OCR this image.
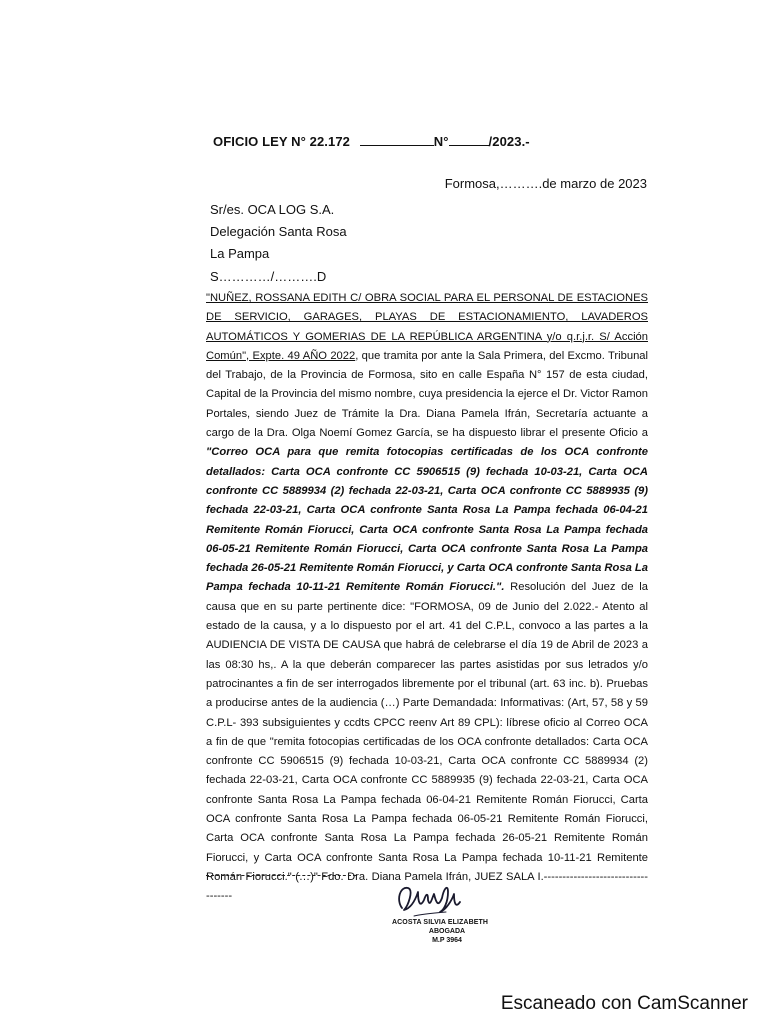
OFICIO LEY N° 22.172	N°	/2023.-
Formosa,……….de marzo de 2023
Sr/es. OCA LOG S.A.
Delegación Santa Rosa
La Pampa
S…………/……….D
"NUÑEZ, ROSSANA EDITH C/ OBRA SOCIAL PARA EL PERSONAL DE ESTACIONES DE SERVICIO, GARAGES, PLAYAS DE ESTACIONAMIENTO, LAVADEROS AUTOMÁTICOS Y GOMERIAS DE LA REPÚBLICA ARGENTINA y/o q.r.j.r. S/ Acción Común", Expte. 49 AÑO 2022, que tramita por ante la Sala Primera, del Excmo. Tribunal del Trabajo, de la Provincia de Formosa, sito en calle España N° 157 de esta ciudad, Capital de la Provincia del mismo nombre, cuya presidencia la ejerce el Dr. Victor Ramon Portales, siendo Juez de Trámite la Dra. Diana Pamela Ifrán, Secretaría actuante a cargo de la Dra. Olga Noemí Gomez García, se ha dispuesto librar el presente Oficio a "Correo OCA para que remita fotocopias certificadas de los OCA confronte detallados: Carta OCA confronte CC 5906515 (9) fechada 10-03-21, Carta OCA confronte CC 5889934 (2) fechada 22-03-21, Carta OCA confronte CC 5889935 (9) fechada 22-03-21, Carta OCA confronte Santa Rosa La Pampa fechada 06-04-21 Remitente Román Fiorucci, Carta OCA confronte Santa Rosa La Pampa fechada 06-05-21 Remitente Román Fiorucci, Carta OCA confronte Santa Rosa La Pampa fechada 26-05-21 Remitente Román Fiorucci, y Carta OCA confronte Santa Rosa La Pampa fechada 10-11-21 Remitente Román Fiorucci.". Resolución del Juez de la causa que en su parte pertinente dice: "FORMOSA, 09 de Junio del 2.022.- Atento al estado de la causa, y a lo dispuesto por el art. 41 del C.P.L, convoco a las partes a la AUDIENCIA DE VISTA DE CAUSA que habrá de celebrarse el día 19 de Abril de 2023 a las 08:30 hs,. A la que deberán comparecer las partes asistidas por sus letrados y/o patrocinantes a fin de ser interrogados libremente por el tribunal (art. 63 inc. b). Pruebas a producirse antes de la audiencia (…) Parte Demandada: Informativas: (Art, 57, 58 y 59 C.P.L- 393 subsiguientes y ccdts CPCC reenv Art 89 CPL): líbrese oficio al Correo OCA a fin de que "remita fotocopias certificadas de los OCA confronte detallados: Carta OCA confronte CC 5906515 (9) fechada 10-03-21, Carta OCA confronte CC 5889934 (2) fechada 22-03-21, Carta OCA confronte CC 5889935 (9) fechada 22-03-21, Carta OCA confronte Santa Rosa La Pampa fechada 06-04-21 Remitente Román Fiorucci, Carta OCA confronte Santa Rosa La Pampa fechada 06-05-21 Remitente Román Fiorucci, Carta OCA confronte Santa Rosa La Pampa fechada 26-05-21 Remitente Román Fiorucci, y Carta OCA confronte Santa Rosa La Pampa fechada 10-11-21 Remitente Román Fiorucci." (…)" Fdo. Dra. Diana Pamela Ifrán, JUEZ SALA I.-----------------------------------
ACOSTA SILVIA ELIZABETH
ABOGADA
M.P 3964
Escaneado con CamScanner
